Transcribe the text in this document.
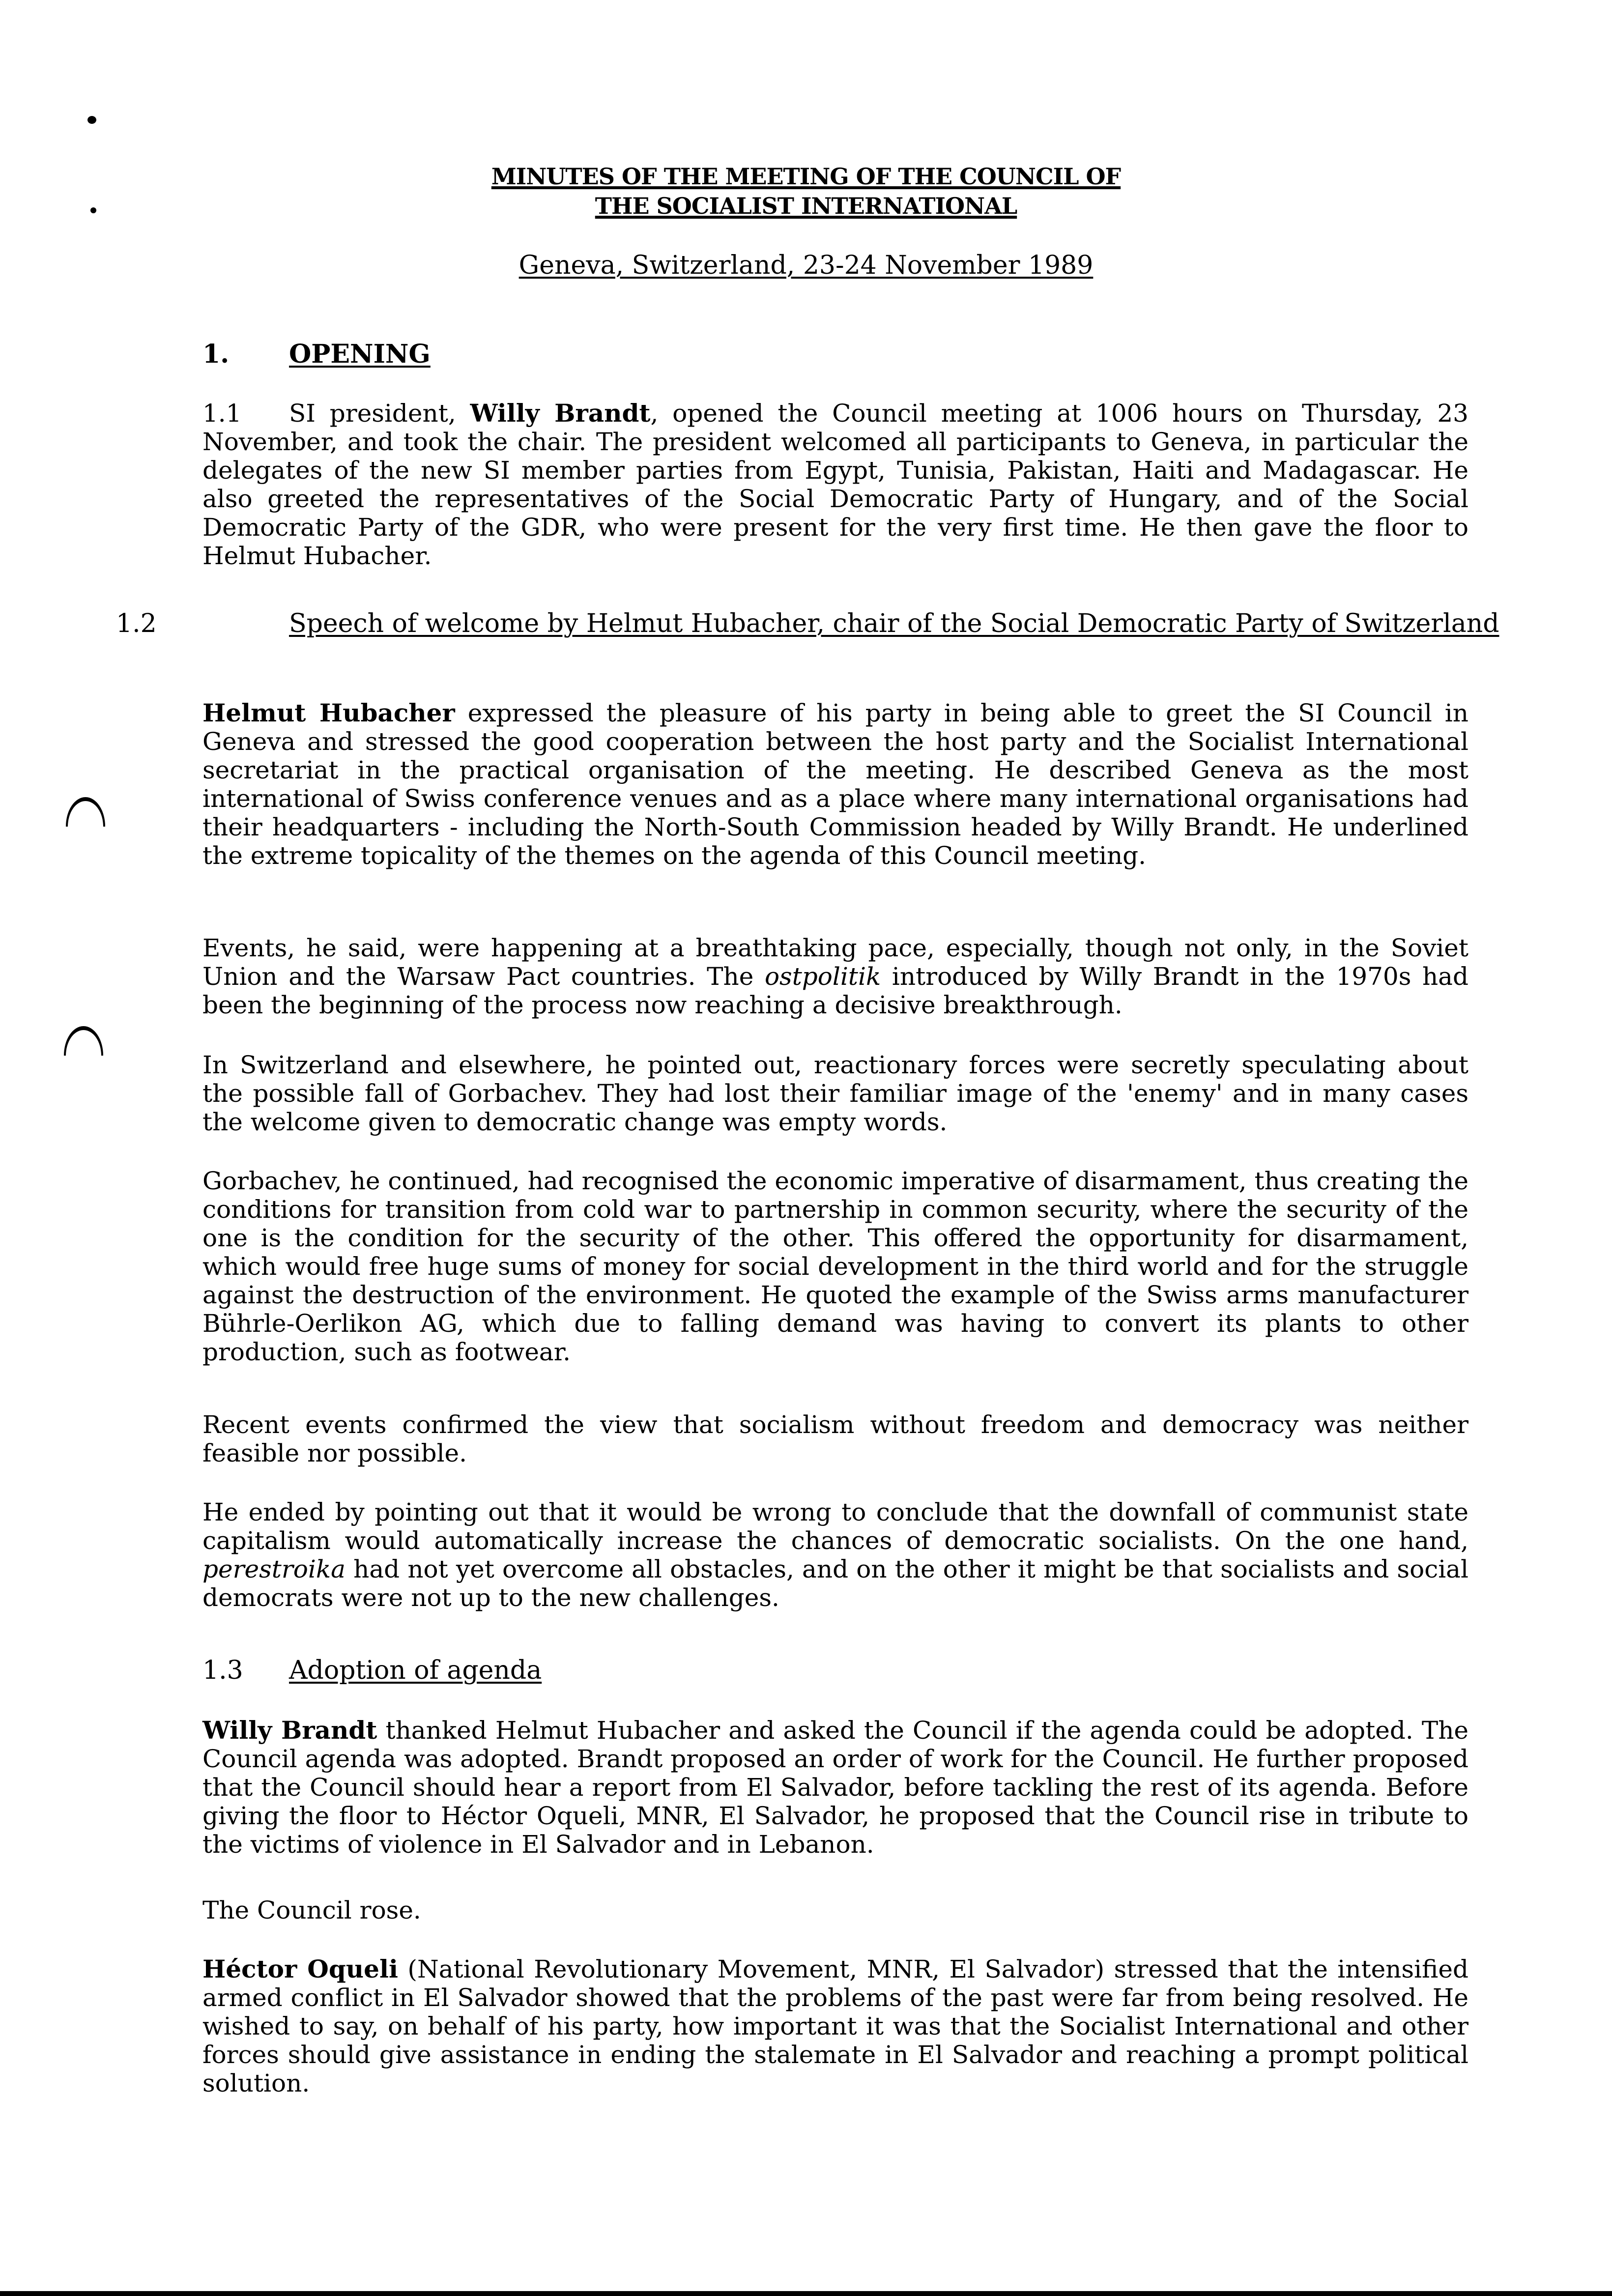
MINUTES OF THE MEETING OF THE COUNCIL OF
THE SOCIALIST INTERNATIONAL
Geneva, Switzerland, 23-24 November 1989
1. OPENING
1.1 SI president, Willy Brandt, opened the Council meeting at 1006 hours on Thursday, 23 November, and took the chair. The president welcomed all participants to Geneva, in particular the delegates of the new SI member parties from Egypt, Tunisia, Pakistan, Haiti and Madagascar. He also greeted the representatives of the Social Democratic Party of Hungary, and of the Social Democratic Party of the GDR, who were present for the very first time. He then gave the floor to Helmut Hubacher.
1.2	Speech of welcome by Helmut Hubacher, chair of the Social Democratic Party of Switzerland
Helmut Hubacher expressed the pleasure of his party in being able to greet the SI Council in Geneva and stressed the good cooperation between the host party and the Socialist International secretariat in the practical organisation of the meeting. He described Geneva as the most international of Swiss conference venues and as a place where many international organisations had their headquarters - including the North-South Commission headed by Willy Brandt. He underlined the extreme topicality of the themes on the agenda of this Council meeting.
Events, he said, were happening at a breathtaking pace, especially, though not only, in the Soviet Union and the Warsaw Pact countries. The ostpolitik introduced by Willy Brandt in the 1970s had been the beginning of the process now reaching a decisive breakthrough.
In Switzerland and elsewhere, he pointed out, reactionary forces were secretly speculating about the possible fall of Gorbachev. They had lost their familiar image of the 'enemy' and in many cases the welcome given to democratic change was empty words.
Gorbachev, he continued, had recognised the economic imperative of disarmament, thus creating the conditions for transition from cold war to partnership in common security, where the security of the one is the condition for the security of the other. This offered the opportunity for disarmament, which would free huge sums of money for social development in the third world and for the struggle against the destruction of the environment. He quoted the example of the Swiss arms manufacturer Bührle-Oerlikon AG, which due to falling demand was having to convert its plants to other production, such as footwear.
Recent events confirmed the view that socialism without freedom and democracy was neither feasible nor possible.
He ended by pointing out that it would be wrong to conclude that the downfall of communist state capitalism would automatically increase the chances of democratic socialists. On the one hand, perestroika had not yet overcome all obstacles, and on the other it might be that socialists and social democrats were not up to the new challenges.
1.3 Adoption of agenda
Willy Brandt thanked Helmut Hubacher and asked the Council if the agenda could be adopted. The Council agenda was adopted. Brandt proposed an order of work for the Council. He further proposed that the Council should hear a report from El Salvador, before tackling the rest of its agenda. Before giving the floor to Héctor Oqueli, MNR, El Salvador, he proposed that the Council rise in tribute to the victims of violence in El Salvador and in Lebanon.
The Council rose.
Héctor Oqueli (National Revolutionary Movement, MNR, El Salvador) stressed that the intensified armed conflict in El Salvador showed that the problems of the past were far from being resolved. He wished to say, on behalf of his party, how important it was that the Socialist International and other forces should give assistance in ending the stalemate in El Salvador and reaching a prompt political solution.
